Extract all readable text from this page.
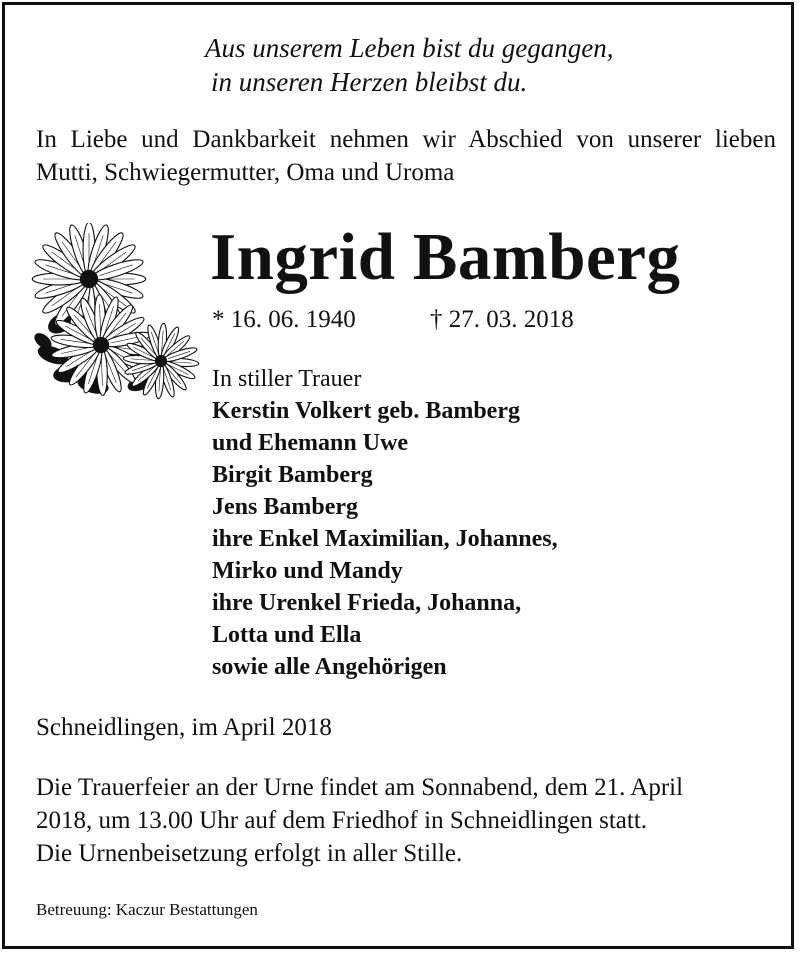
Aus unserem Leben bist du gegangen,
in unseren Herzen bleibst du.
In Liebe und Dankbarkeit nehmen wir Abschied von unserer lieben Mutti, Schwiegermutter, Oma und Uroma
Ingrid Bamberg
* 16. 06. 1940	† 27. 03. 2018
In stiller Trauer
Kerstin Volkert geb. Bamberg
und Ehemann Uwe
Birgit Bamberg
Jens Bamberg
ihre Enkel Maximilian, Johannes,
Mirko und Mandy
ihre Urenkel Frieda, Johanna,
Lotta und Ella
sowie alle Angehörigen
Schneidlingen, im April 2018
Die Trauerfeier an der Urne findet am Sonnabend, dem 21. April
2018, um 13.00 Uhr auf dem Friedhof in Schneidlingen statt.
Die Urnenbeisetzung erfolgt in aller Stille.
Betreuung: Kaczur Bestattungen
